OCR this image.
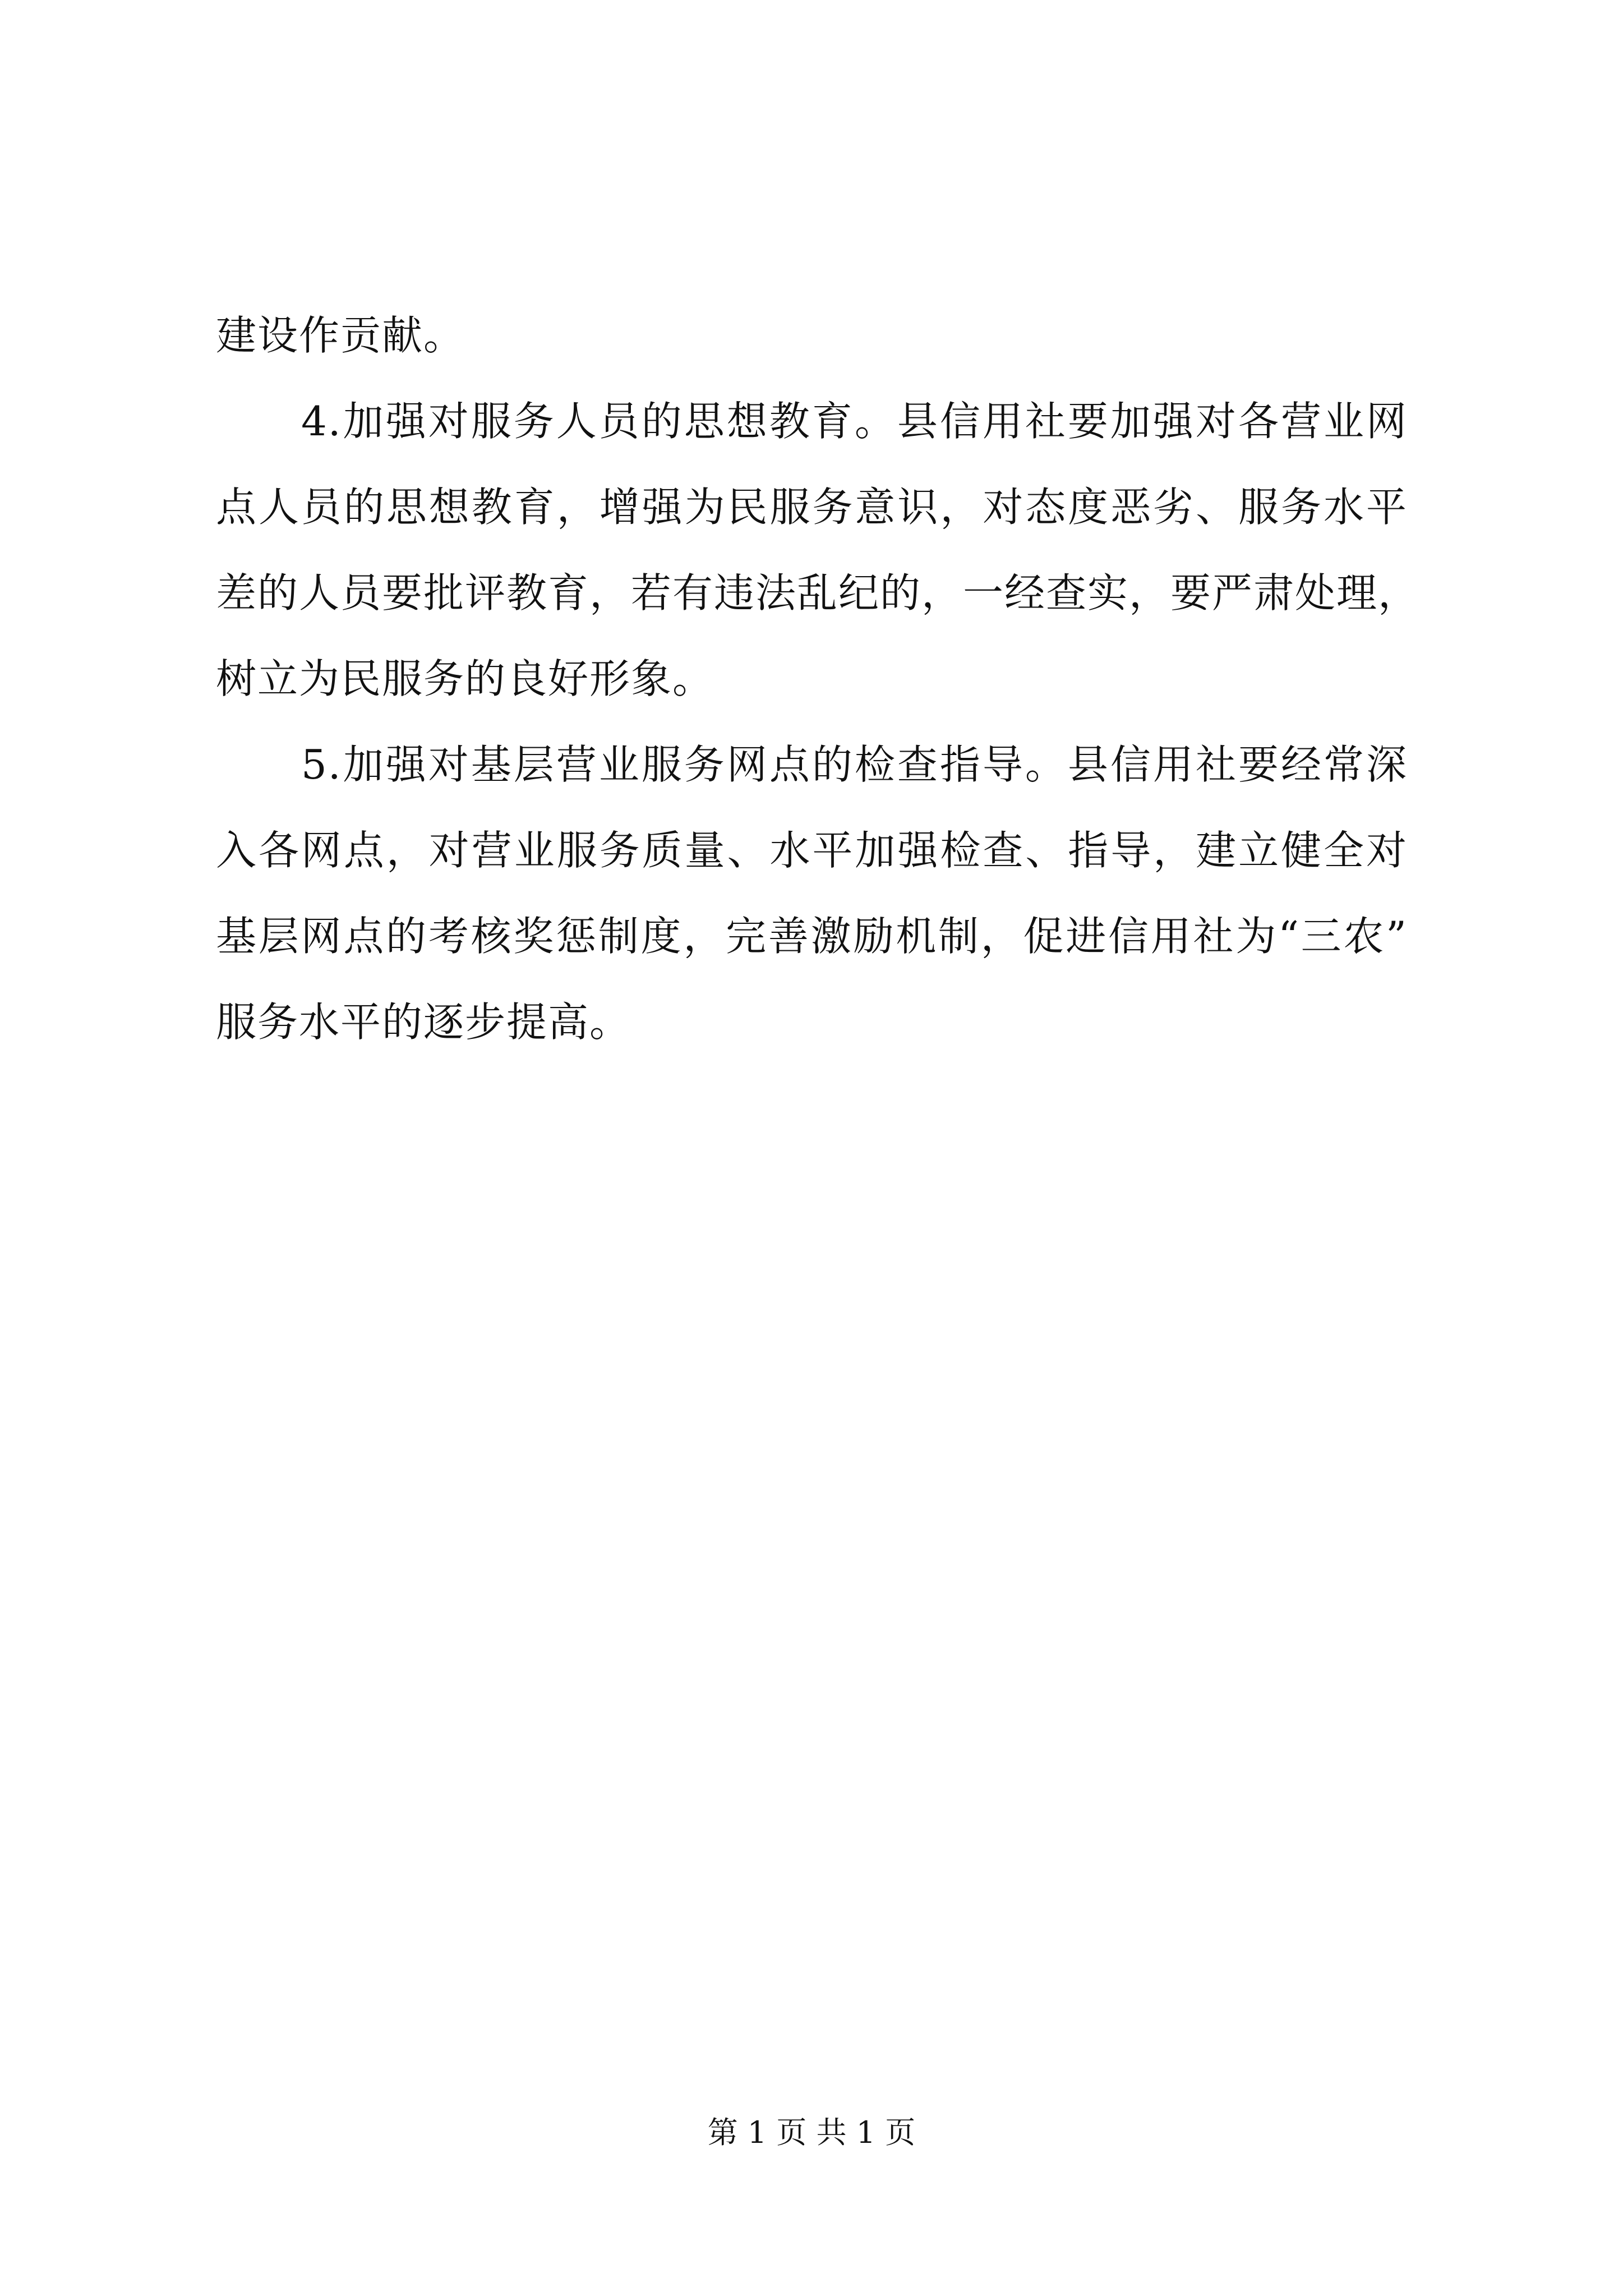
建设作贡献。
4.加强对服务人员的思想教育。县信用社要加强对各营业网
点人员的思想教育，增强为民服务意识，对态度恶劣、服务水平
差的人员要批评教育，若有违法乱纪的，一经查实，要严肃处理，
树立为民服务的良好形象。
5.加强对基层营业服务网点的检查指导。县信用社要经常深
入各网点，对营业服务质量、水平加强检查、指导，建立健全对
基层网点的考核奖惩制度，完善激励机制，促进信用社为“三农”
服务水平的逐步提高。
第 1 页 共 1 页
